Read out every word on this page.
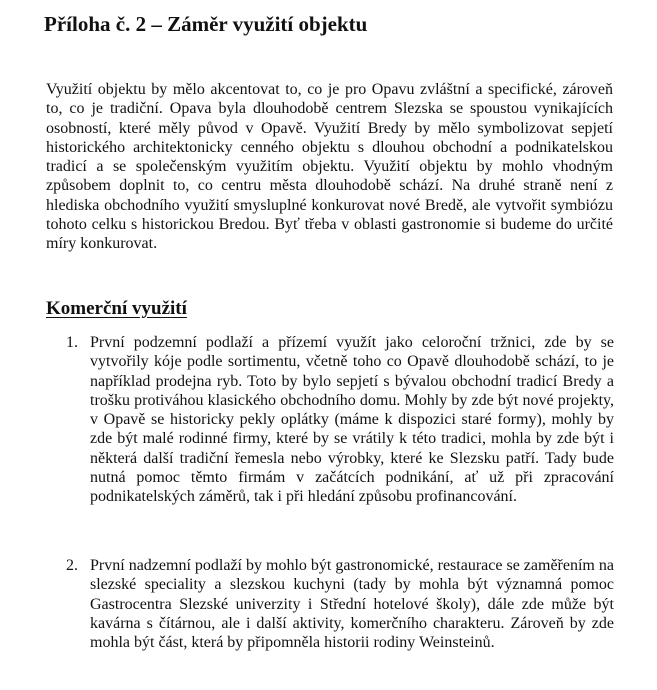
Příloha č. 2 – Záměr využití objektu

Využití objektu by mělo akcentovat to, co je pro Opavu zvláštní a specifické, zároveň to, co je tradiční. Opava byla dlouhodobě centrem Slezska se spoustou vynikajících osobností, které měly původ v Opavě. Využití Bredy by mělo symbolizovat sepjetí historického architektonicky cenného objektu s dlouhou obchodní a podnikatelskou tradicí a se společenským využitím objektu. Využití objektu by mohlo vhodným způsobem doplnit to, co centru města dlouhodobě schází. Na druhé straně není z hlediska obchodního využití smysluplné konkurovat nové Bredě, ale vytvořit symbiózu tohoto celku s historickou Bredou. Byť třeba v oblasti gastronomie si budeme do určité míry konkurovat.

Komerční využití
1. První podzemní podlaží a přízemí využít jako celoroční tržnici, zde by se vytvořily kóje podle sortimentu, včetně toho co Opavě dlouhodobě schází, to je například prodejna ryb. Toto by bylo sepjetí s bývalou obchodní tradicí Bredy a trošku protiváhou klasického obchodního domu. Mohly by zde být nové projekty, v Opavě se historicky pekly oplátky (máme k dispozici staré formy), mohly by zde být malé rodinné firmy, které by se vrátily k této tradici, mohla by zde být i některá další tradiční řemesla nebo výrobky, které ke Slezsku patří. Tady bude nutná pomoc těmto firmám v začátcích podnikání, ať už při zpracování podnikatelských záměrů, tak i při hledání způsobu profinancování.

2. První nadzemní podlaží by mohlo být gastronomické, restaurace se zaměřením na slezské speciality a slezskou kuchyni (tady by mohla být významná pomoc Gastrocentra Slezské univerzity i Střední hotelové školy), dále zde může být kavárna s čítárnou, ale i další aktivity, komerčního charakteru. Zároveň by zde mohla být část, která by připomněla historii rodiny Weinsteinů.
